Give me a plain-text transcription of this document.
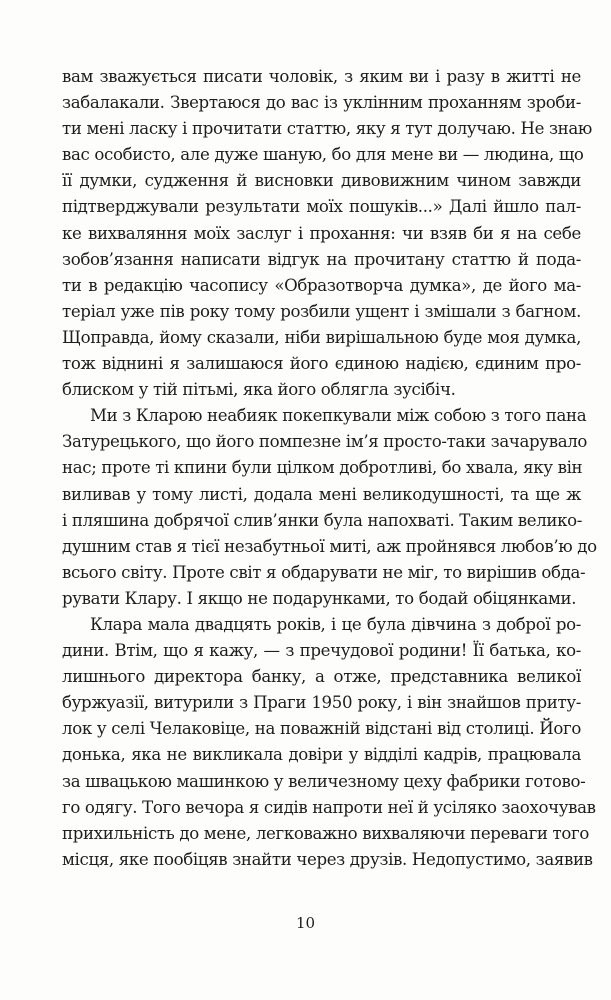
вам зважується писати чоловік, з яким ви і разу в житті не
забалакали. Звертаюся до вас із уклінним проханням зроби-
ти мені ласку і прочитати статтю, яку я тут долучаю. Не знаю
вас особисто, але дуже шаную, бо для мене ви — людина, що
її думки, судження й висновки дивовижним чином завжди
підтверджували результати моїх пошуків...» Далі йшло пал-
ке вихваляння моїх заслуг і прохання: чи взяв би я на себе
зобов’язання написати відгук на прочитану статтю й пода-
ти в редакцію часопису «Образотворча думка», де його ма-
теріал уже пів року тому розбили ущент і змішали з багном.
Щоправда, йому сказали, ніби вирішальною буде моя думка,
тож віднині я залишаюся його єдиною надією, єдиним про-
блиском у тій пітьмі, яка його облягла зусібіч.
Ми з Кларою неабияк покепкували між собою з того пана
Затурецького, що його помпезне ім’я просто-таки зачарувало
нас; проте ті кпини були цілком добротливі, бо хвала, яку він
виливав у тому листі, додала мені великодушності, та ще ж
і пляшина добрячої слив’янки була напохваті. Таким велико-
душним став я тієї незабутньої миті, аж пройнявся любов’ю до
всього світу. Проте світ я обдарувати не міг, то вирішив обда-
рувати Клару. І якщо не подарунками, то бодай обіцянками.
Клара мала двадцять років, і це була дівчина з доброї ро-
дини. Втім, що я кажу, — з пречудової родини! Її батька, ко-
лишнього директора банку, а отже, представника великої
буржуазії, витурили з Праги 1950 року, і він знайшов приту-
лок у селі Челаковіце, на поважній відстані від столиці. Його
донька, яка не викликала довіри у відділі кадрів, працювала
за швацькою машинкою у величезному цеху фабрики готово-
го одягу. Того вечора я сидів напроти неї й усіляко заохочував
прихильність до мене, легковажно вихваляючи переваги того
місця, яке пообіцяв знайти через друзів. Недопустимо, заявив
10
